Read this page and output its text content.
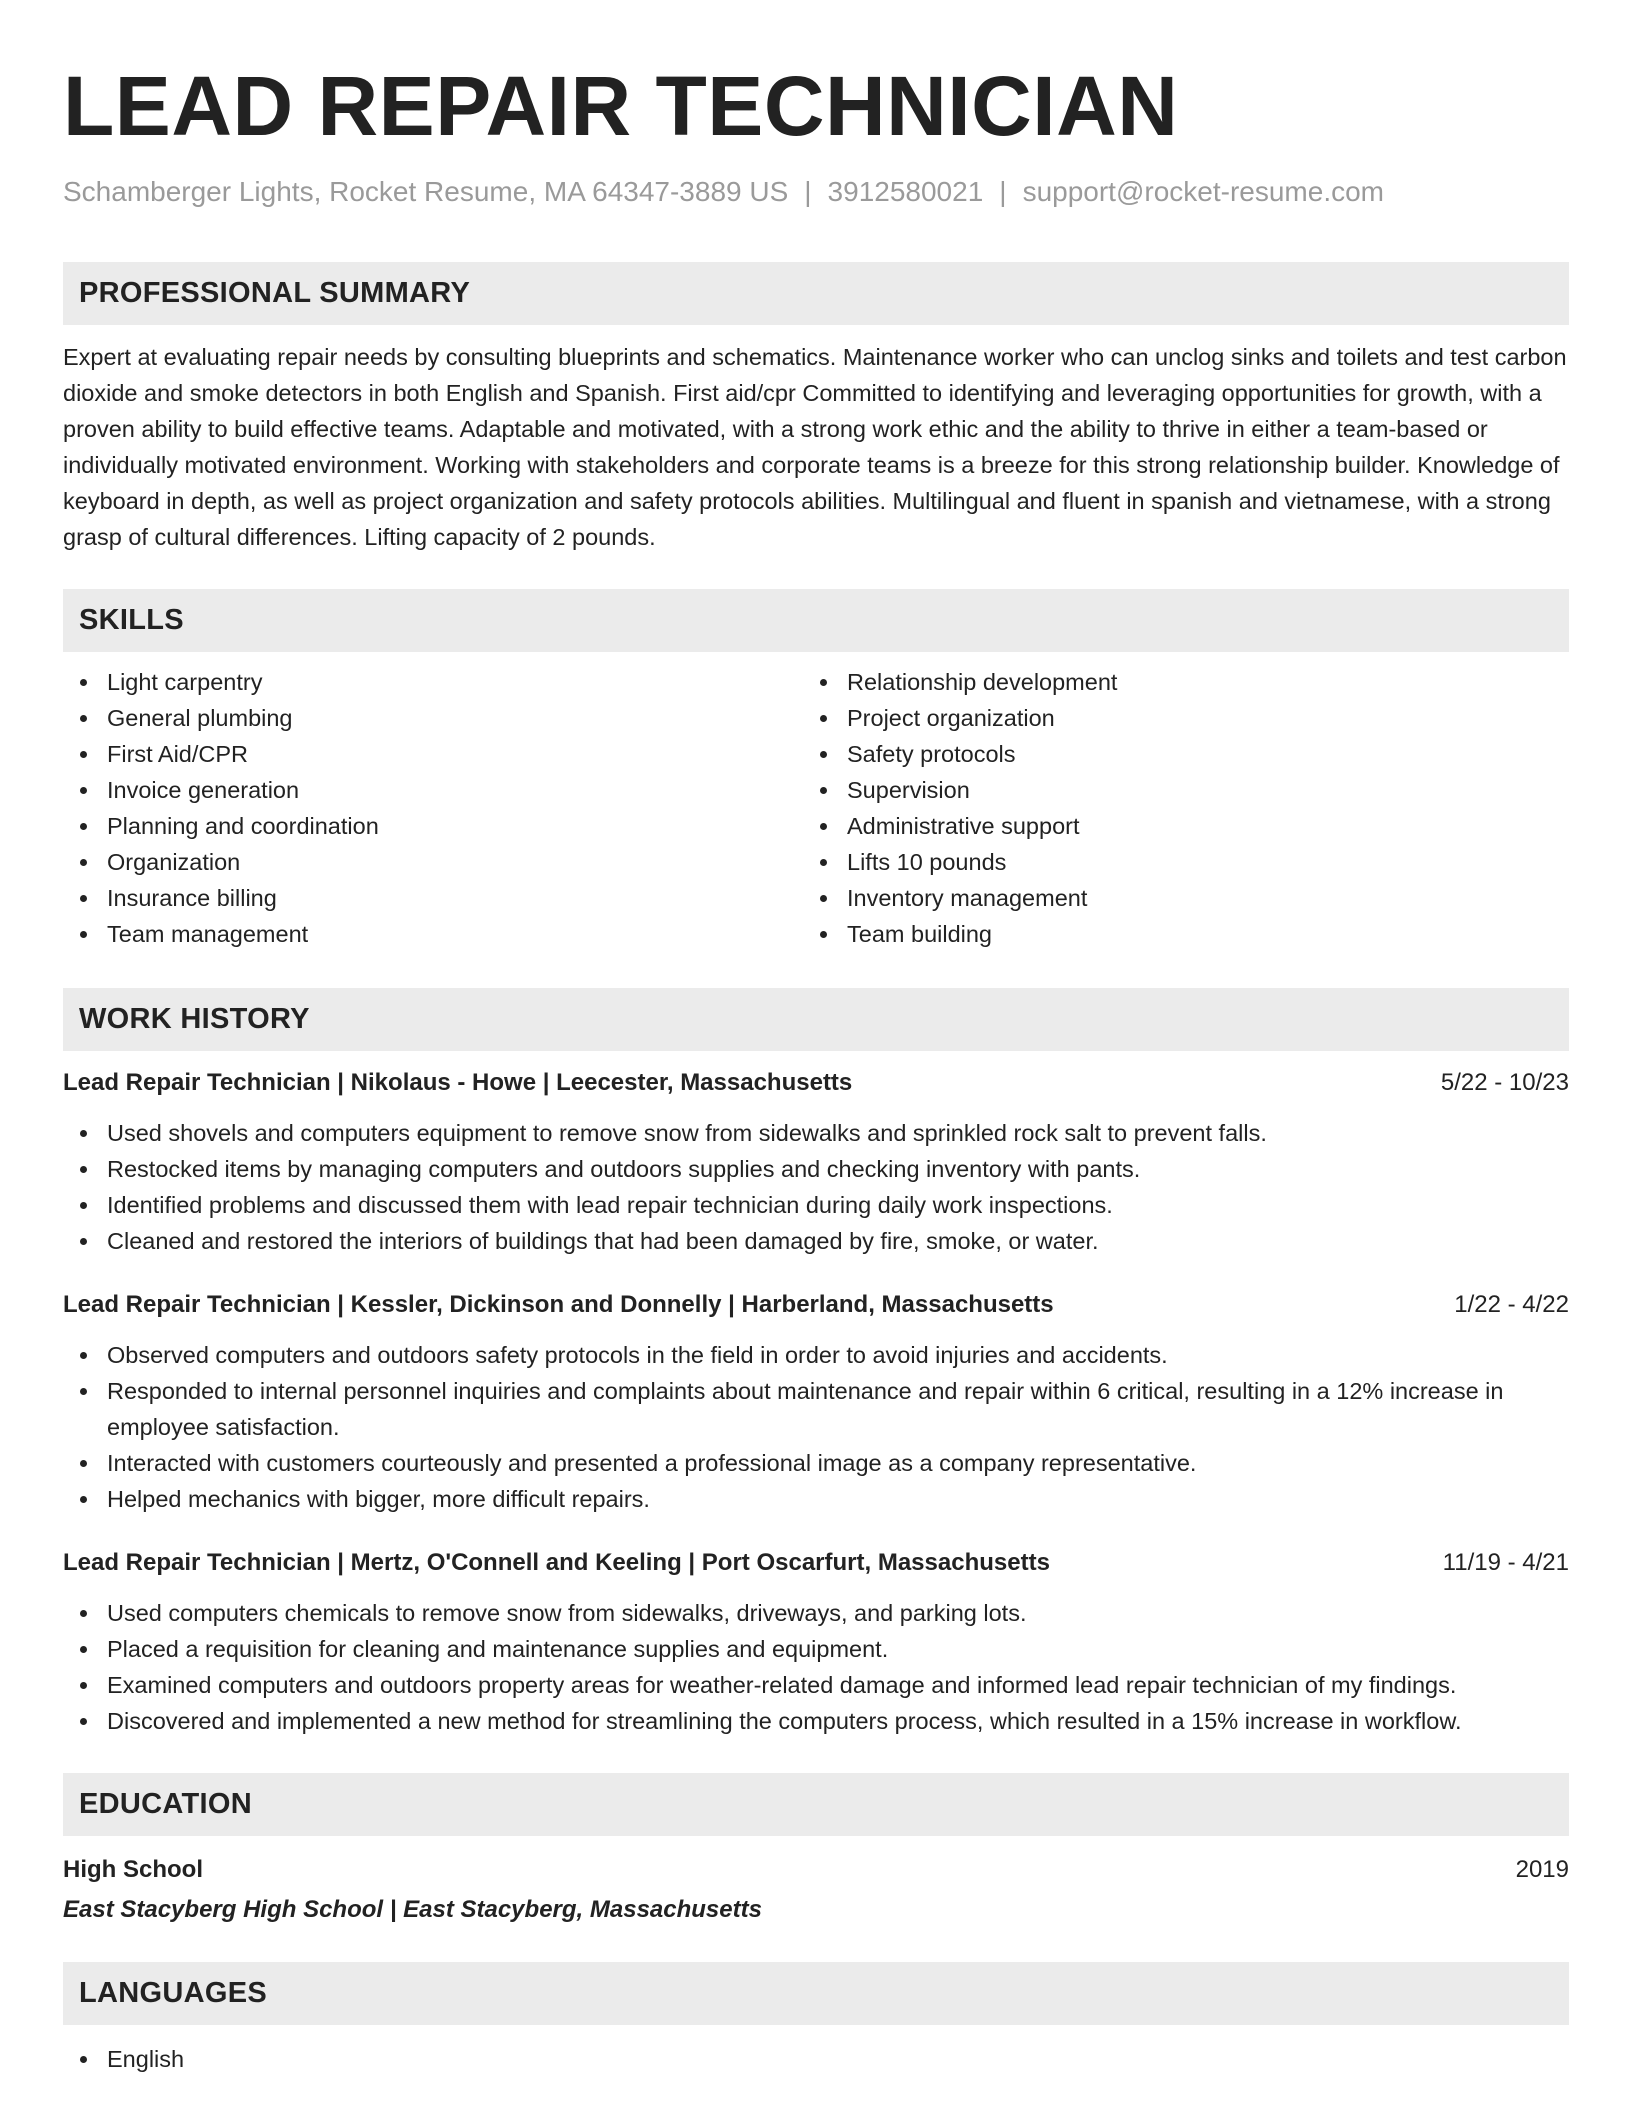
LEAD REPAIR TECHNICIAN
Schamberger Lights, Rocket Resume, MA 64347-3889 US | 3912580021 | support@rocket-resume.com
PROFESSIONAL SUMMARY

Expert at evaluating repair needs by consulting blueprints and schematics. Maintenance worker who can unclog sinks and toilets and test carbon dioxide and smoke detectors in both English and Spanish. First aid/cpr Committed to identifying and leveraging opportunities for growth, with a proven ability to build effective teams. Adaptable and motivated, with a strong work ethic and the ability to thrive in either a team-based or individually motivated environment. Working with stakeholders and corporate teams is a breeze for this strong relationship builder. Knowledge of keyboard in depth, as well as project organization and safety protocols abilities. Multilingual and fluent in spanish and vietnamese, with a strong grasp of cultural differences. Lifting capacity of 2 pounds.

SKILLS
Light carpentry
General plumbing
First Aid/CPR
Invoice generation
Planning and coordination
Organization
Insurance billing
Team management
Relationship development
Project organization
Safety protocols
Supervision
Administrative support
Lifts 10 pounds
Inventory management
Team building
WORK HISTORY
Lead Repair Technician | Nikolaus - Howe | Leecester, Massachusetts	5/22 - 10/23
Used shovels and computers equipment to remove snow from sidewalks and sprinkled rock salt to prevent falls.
Restocked items by managing computers and outdoors supplies and checking inventory with pants.
Identified problems and discussed them with lead repair technician during daily work inspections.
Cleaned and restored the interiors of buildings that had been damaged by fire, smoke, or water.
Lead Repair Technician | Kessler, Dickinson and Donnelly | Harberland, Massachusetts	1/22 - 4/22
Observed computers and outdoors safety protocols in the field in order to avoid injuries and accidents.
Responded to internal personnel inquiries and complaints about maintenance and repair within 6 critical, resulting in a 12% increase in employee satisfaction.
Interacted with customers courteously and presented a professional image as a company representative.
Helped mechanics with bigger, more difficult repairs.
Lead Repair Technician | Mertz, O'Connell and Keeling | Port Oscarfurt, Massachusetts	11/19 - 4/21
Used computers chemicals to remove snow from sidewalks, driveways, and parking lots.
Placed a requisition for cleaning and maintenance supplies and equipment.
Examined computers and outdoors property areas for weather-related damage and informed lead repair technician of my findings.
Discovered and implemented a new method for streamlining the computers process, which resulted in a 15% increase in workflow.
EDUCATION
High School	2019
East Stacyberg High School | East Stacyberg, Massachusetts
LANGUAGES
English
